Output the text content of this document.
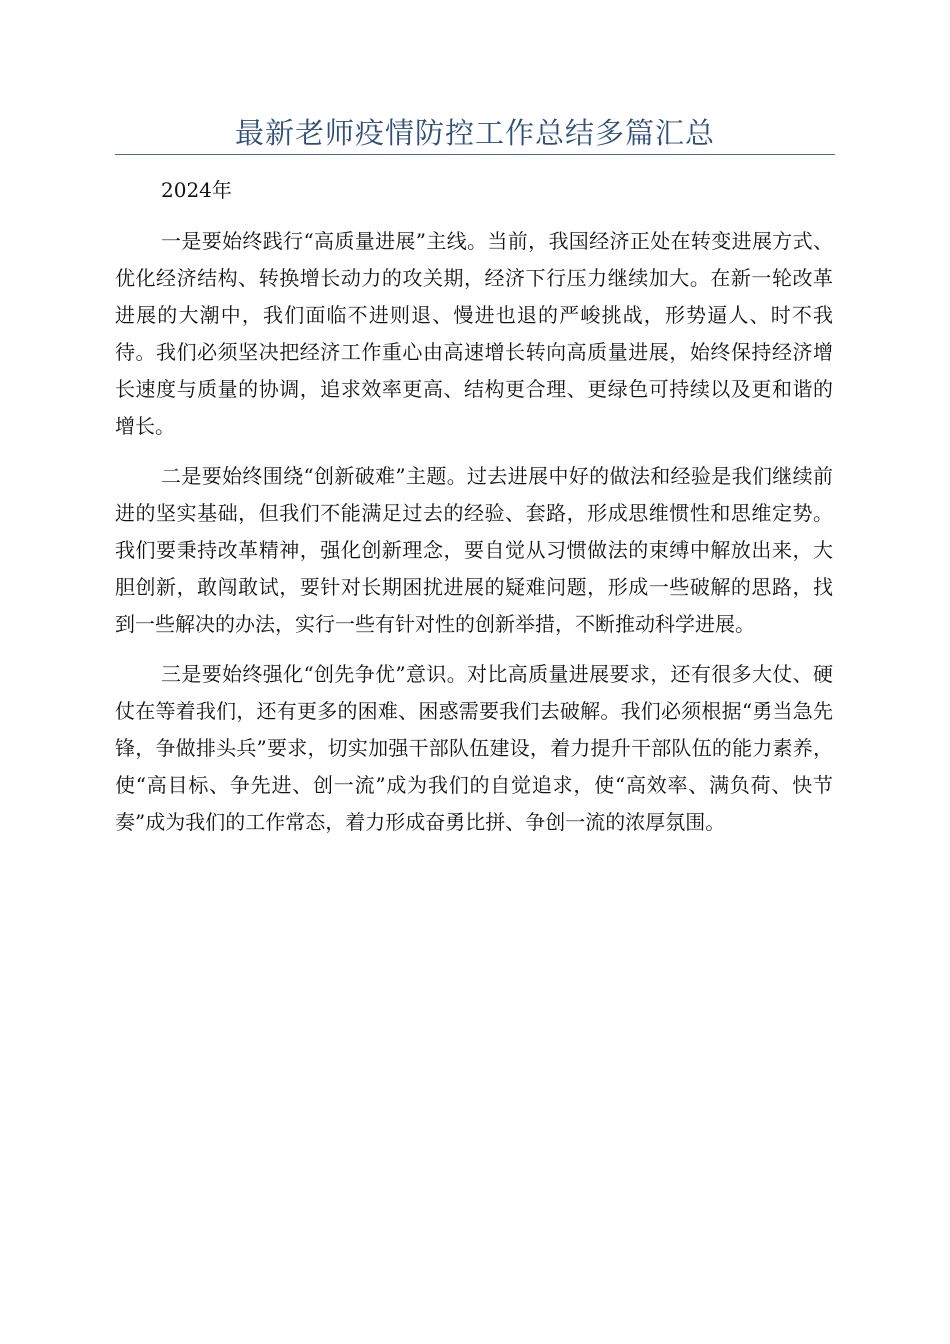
最新老师疫情防控工作总结多篇汇总

2024年

一是要始终践行“高质量进展”主线。当前，我国经济正处在转变进展方式、优化经济结构、转换增长动力的攻关期，经济下行压力继续加大。在新一轮改革进展的大潮中，我们面临不进则退、慢进也退的严峻挑战，形势逼人、时不我待。我们必须坚决把经济工作重心由高速增长转向高质量进展，始终保持经济增长速度与质量的协调，追求效率更高、结构更合理、更绿色可持续以及更和谐的增长。

二是要始终围绕“创新破难”主题。过去进展中好的做法和经验是我们继续前进的坚实基础，但我们不能满足过去的经验、套路，形成思维惯性和思维定势。我们要秉持改革精神，强化创新理念，要自觉从习惯做法的束缚中解放出来，大胆创新，敢闯敢试，要针对长期困扰进展的疑难问题，形成一些破解的思路，找到一些解决的办法，实行一些有针对性的创新举措，不断推动科学进展。

三是要始终强化“创先争优”意识。对比高质量进展要求，还有很多大仗、硬仗在等着我们，还有更多的困难、困惑需要我们去破解。我们必须根据“勇当急先锋，争做排头兵”要求，切实加强干部队伍建设，着力提升干部队伍的能力素养，使“高目标、争先进、创一流”成为我们的自觉追求，使“高效率、满负荷、快节奏”成为我们的工作常态，着力形成奋勇比拼、争创一流的浓厚氛围。
